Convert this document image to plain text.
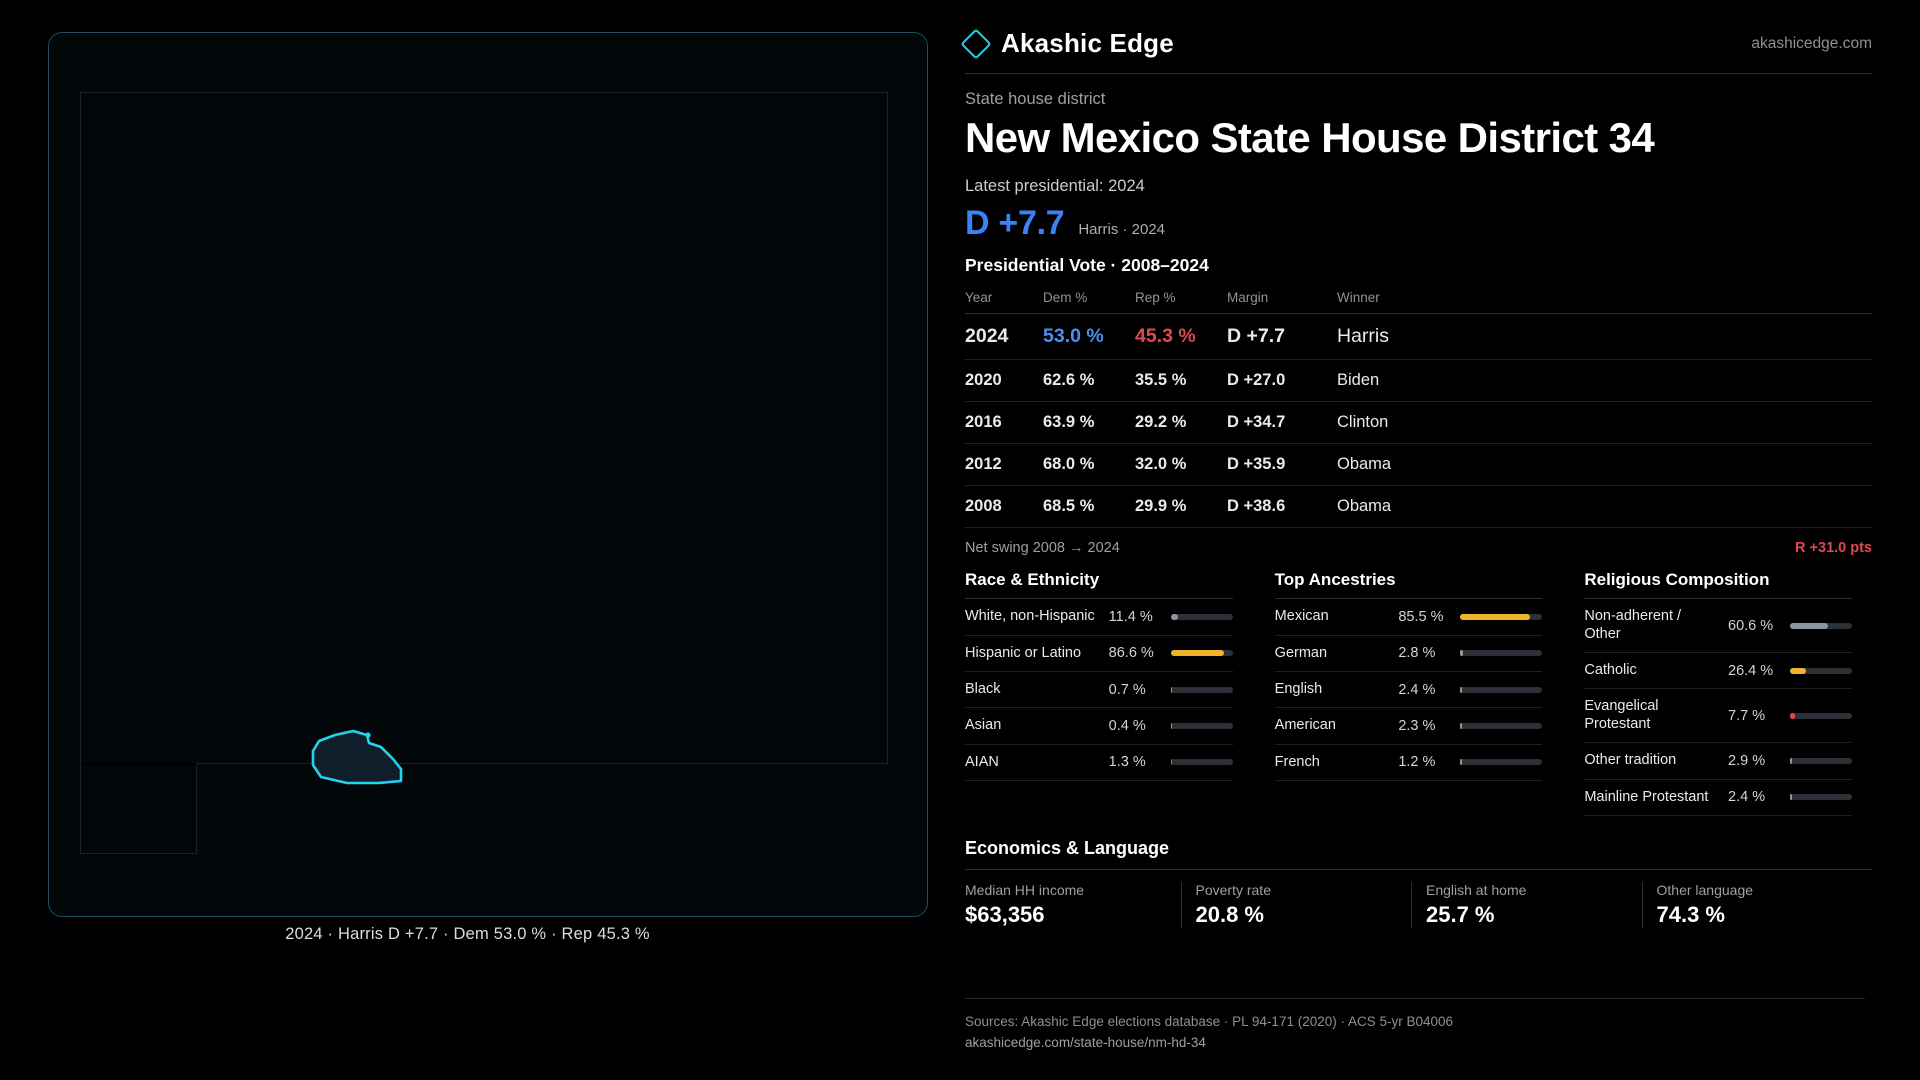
2024 · Harris D +7.7 · Dem 53.0 % · Rep 45.3 %
Akashic Edge	akashicedge.com
State house district
New Mexico State House District 34
Latest presidential: 2024
D +7.7 Harris · 2024
Presidential Vote · 2008–2024
Year	Dem %	Rep %	Margin	Winner
2024	53.0 %	45.3 %	D +7.7	Harris
2020	62.6 %	35.5 %	D +27.0	Biden
2016	63.9 %	29.2 %	D +34.7	Clinton
2012	68.0 %	32.0 %	D +35.9	Obama
2008	68.5 %	29.9 %	D +38.6	Obama
Net swing 2008 → 2024	R +31.0 pts
Race & Ethnicity
White, non-Hispanic 11.4 %
Hispanic or Latino	86.6 %
Black	0.7 %
Asian	0.4 %
AIAN	1.3 %
Top Ancestries
Mexican	85.5 %
German	2.8 %
English	2.4 %
American	2.3 %
French	1.2 %
Religious Composition
Non-adherent / Other	60.6 %
Catholic	26.4 %
Evangelical Protestant	7.7 %
Other tradition	2.9 %
Mainline Protestant	2.4 %
Economics & Language
Median HH income
$63,356
Poverty rate
20.8 %
English at home
25.7 %
Other language
74.3 %
Sources: Akashic Edge elections database · PL 94-171 (2020) · ACS 5-yr B04006
akashicedge.com/state-house/nm-hd-34
